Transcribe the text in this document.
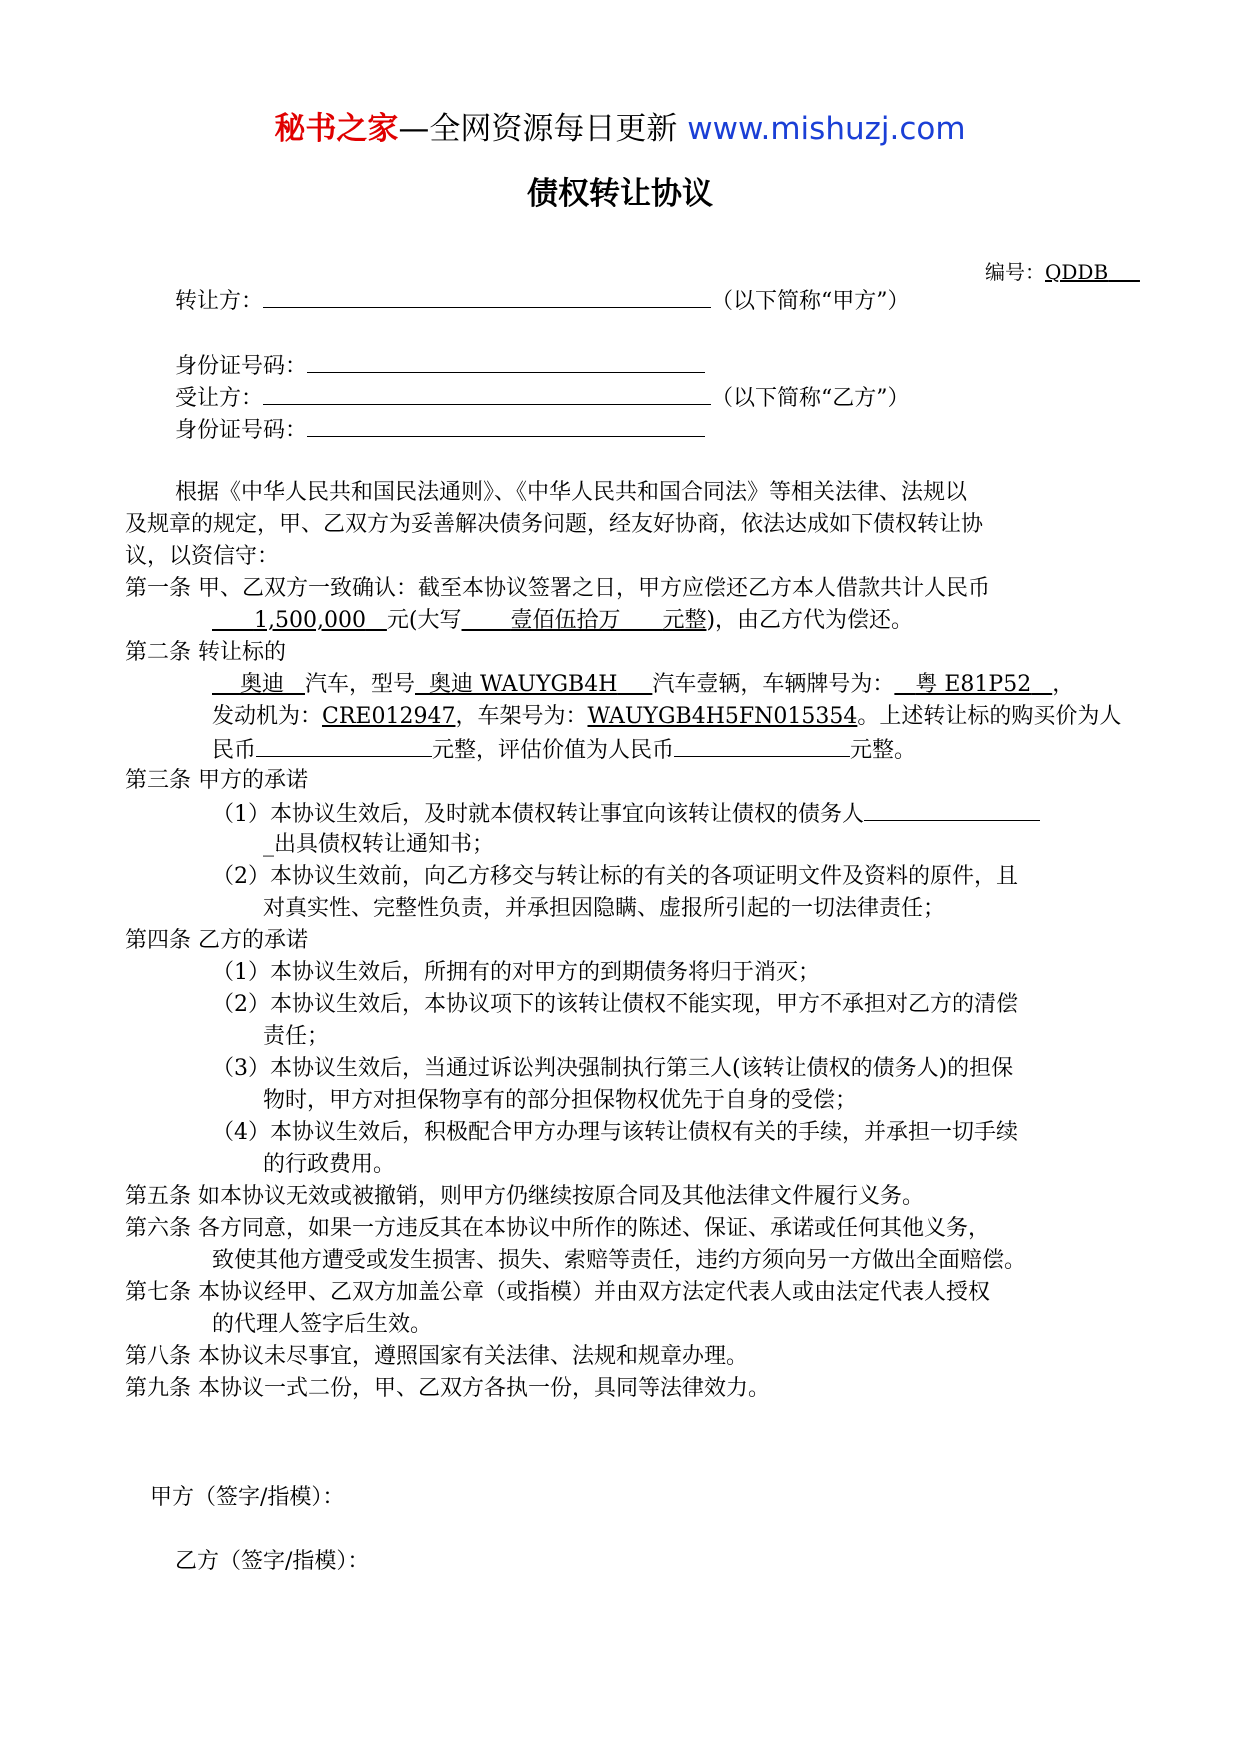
秘书之家—全网资源每日更新 www.mishuzj.com
债权转让协议
编号：QDDB
转让方：	（以下简称“甲方”）
身份证号码：
受让方：	（以下简称“乙方”）
身份证号码：
根据《中华人民共和国民法通则》、《中华人民共和国合同法》等相关法律、法规以
及规章的规定，甲、乙双方为妥善解决债务问题，经友好协商，依法达成如下债权转让协
议，以资信守：
第一条 甲、乙双方一致确认：截至本协议签署之日，甲方应偿还乙方本人借款共计人民币
1,500,000 元(大写 壹佰伍拾万 元整)，由乙方代为偿还。
第二条 转让标的
奥迪 汽车，型号 奥迪 WAUYGB4H 汽车壹辆，车辆牌号为： 粤 E81P52 ，
发动机为：CRE012947，车架号为：WAUYGB4H5FN015354。上述转让标的购买价为人
民币	元整，评估价值为人民币	元整。
第三条 甲方的承诺
（1）本协议生效后，及时就本债权转让事宜向该转让债权的债务人
_出具债权转让通知书；
（2）本协议生效前，向乙方移交与转让标的有关的各项证明文件及资料的原件，且
对真实性、完整性负责，并承担因隐瞒、虚报所引起的一切法律责任；
第四条 乙方的承诺
（1）本协议生效后，所拥有的对甲方的到期债务将归于消灭；
（2）本协议生效后，本协议项下的该转让债权不能实现，甲方不承担对乙方的清偿
责任；
（3）本协议生效后，当通过诉讼判决强制执行第三人(该转让债权的债务人)的担保
物时，甲方对担保物享有的部分担保物权优先于自身的受偿；
（4）本协议生效后，积极配合甲方办理与该转让债权有关的手续，并承担一切手续
的行政费用。
第五条 如本协议无效或被撤销，则甲方仍继续按原合同及其他法律文件履行义务。
第六条 各方同意，如果一方违反其在本协议中所作的陈述、保证、承诺或任何其他义务，
致使其他方遭受或发生损害、损失、索赔等责任，违约方须向另一方做出全面赔偿。
第七条 本协议经甲、乙双方加盖公章（或指模）并由双方法定代表人或由法定代表人授权
的代理人签字后生效。
第八条 本协议未尽事宜，遵照国家有关法律、法规和规章办理。
第九条 本协议一式二份，甲、乙双方各执一份，具同等法律效力。
甲方（签字/指模）：
乙方（签字/指模）：
